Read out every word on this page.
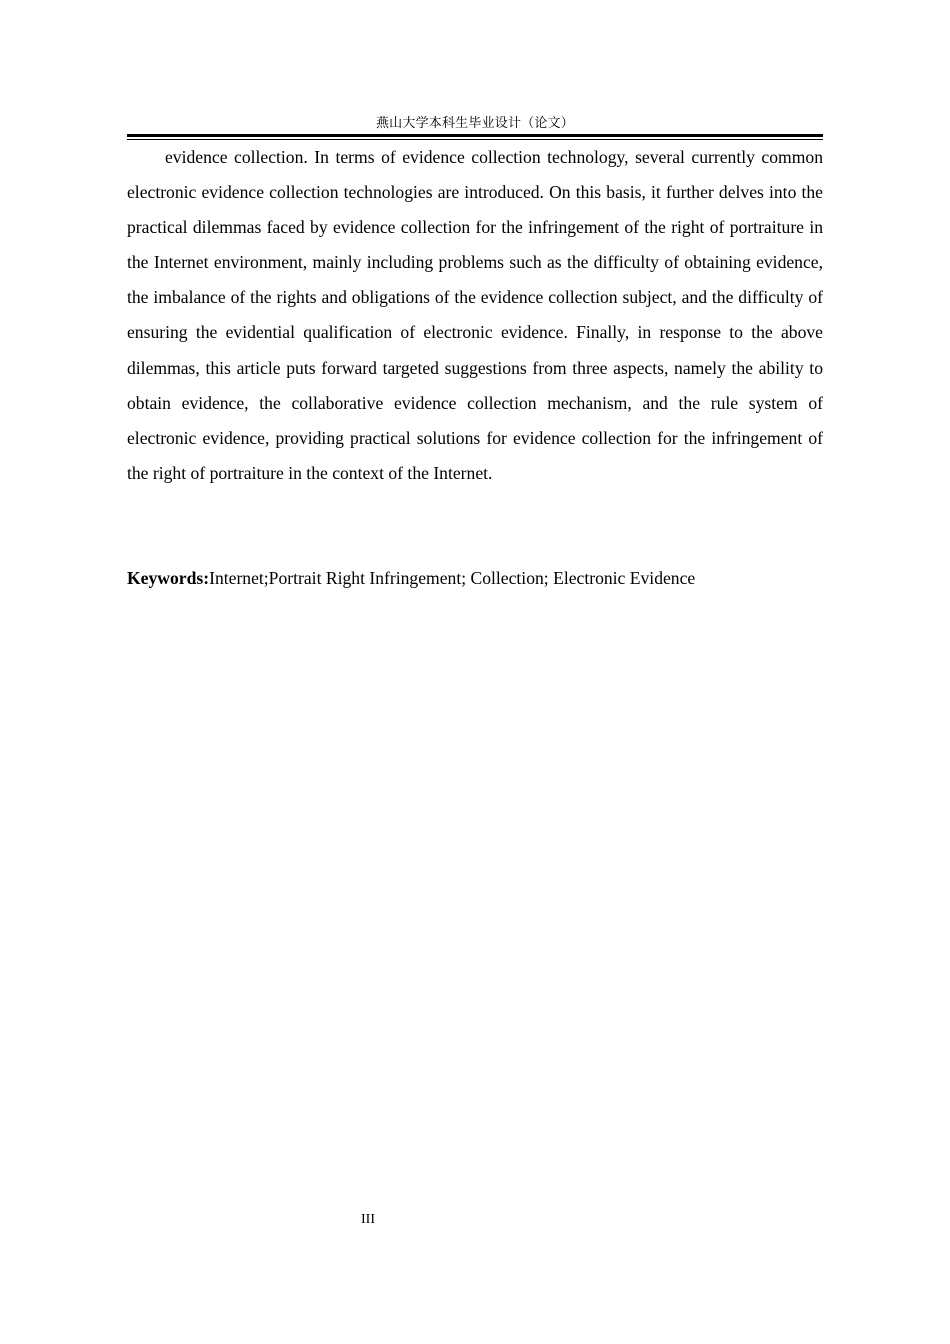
燕山大学本科生毕业设计（论文）

evidence collection. In terms of evidence collection technology, several currently common electronic evidence collection technologies are introduced. On this basis, it further delves into the practical dilemmas faced by evidence collection for the infringement of the right of portraiture in the Internet environment, mainly including problems such as the difficulty of obtaining evidence, the imbalance of the rights and obligations of the evidence collection subject, and the difficulty of ensuring the evidential qualification of electronic evidence. Finally, in response to the above dilemmas, this article puts forward targeted suggestions from three aspects, namely the ability to obtain evidence, the collaborative evidence collection mechanism, and the rule system of electronic evidence, providing practical solutions for evidence collection for the infringement of the right of portraiture in the context of the Internet.

Keywords:Internet;Portrait Right Infringement; Collection; Electronic Evidence
III
